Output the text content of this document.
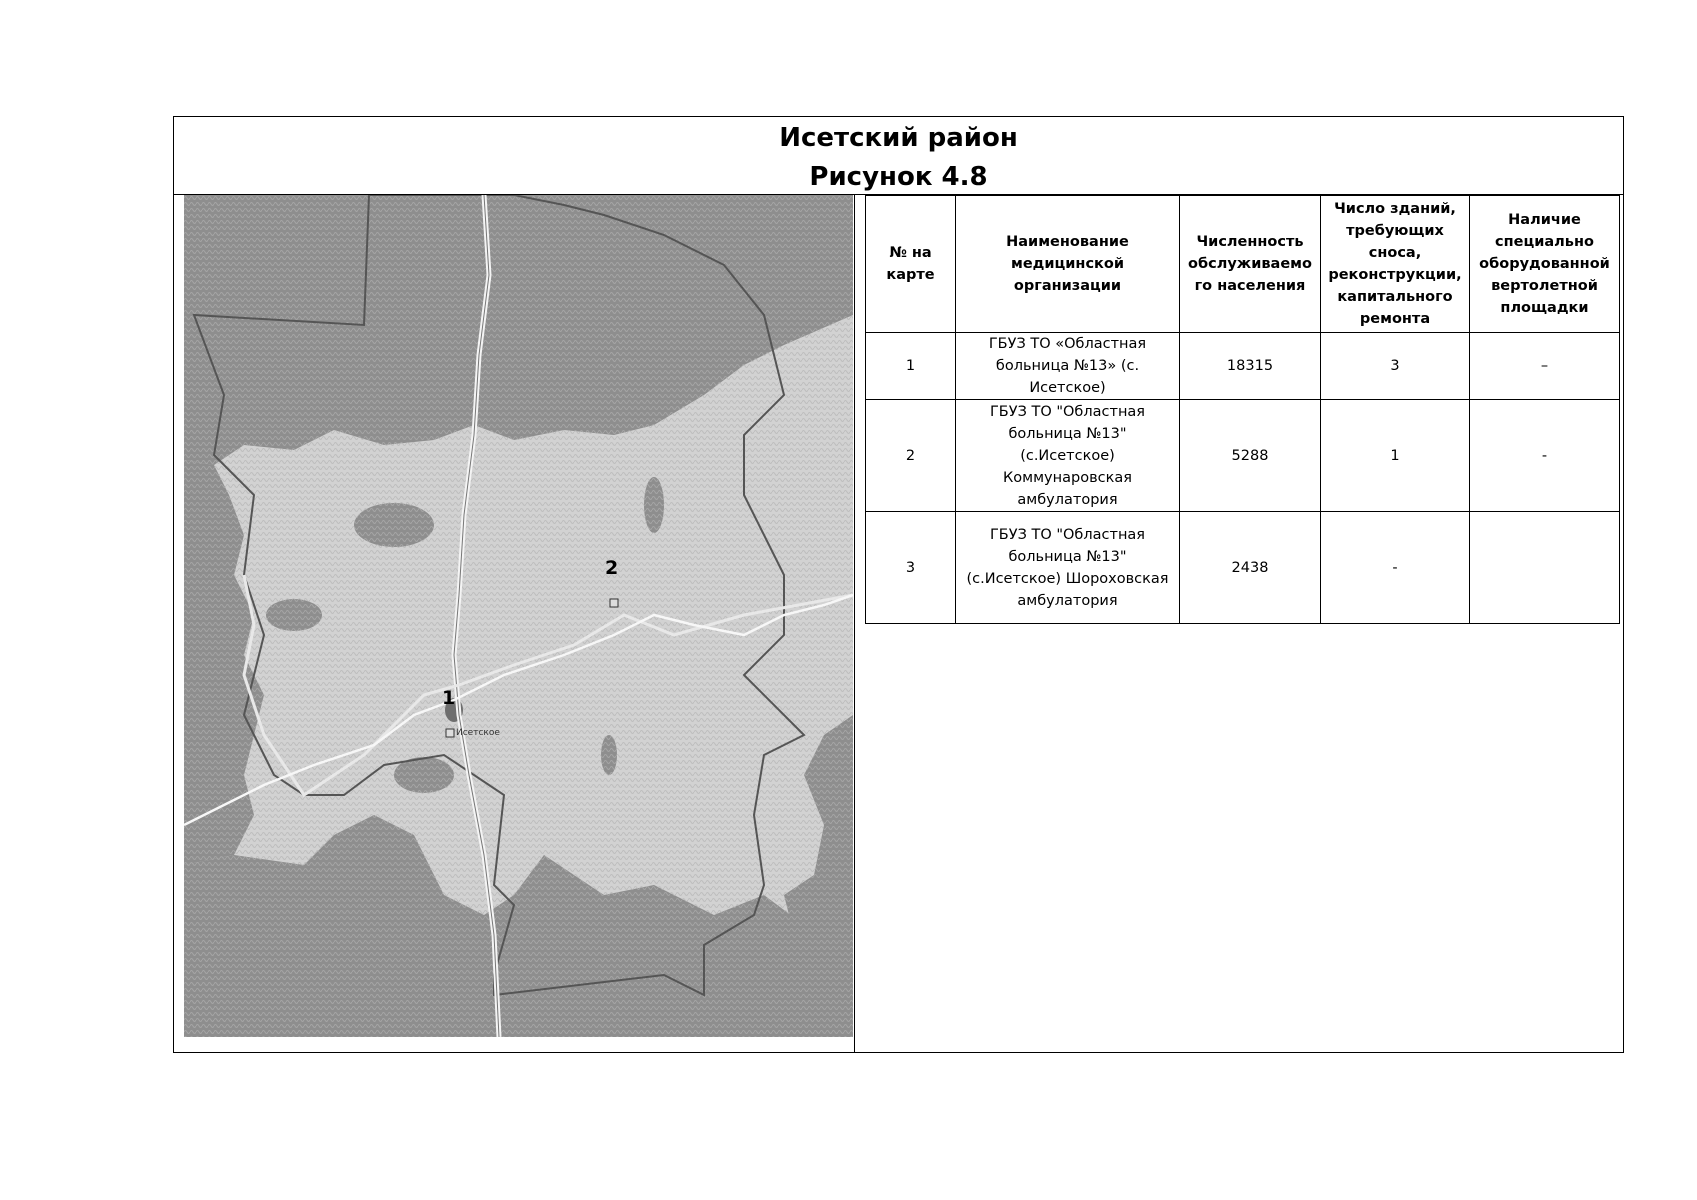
Исетский район
Рисунок 4.8
1
Исетское
2
№ на карте	Наименование медицинской организации	Численность обслуживаемо го населения	Число зданий, требующих сноса, реконструкции, капитального ремонта	Наличие специально оборудованной вертолетной площадки
1	ГБУЗ ТО «Областная больница №13» (с. Исетское)	18315	3	–
2	ГБУЗ ТО "Областная больница №13" (с.Исетское) Коммунаровская амбулатория	5288	1	-
3	ГБУЗ ТО "Областная больница №13" (с.Исетское) Шороховская амбулатория	2438	-	
